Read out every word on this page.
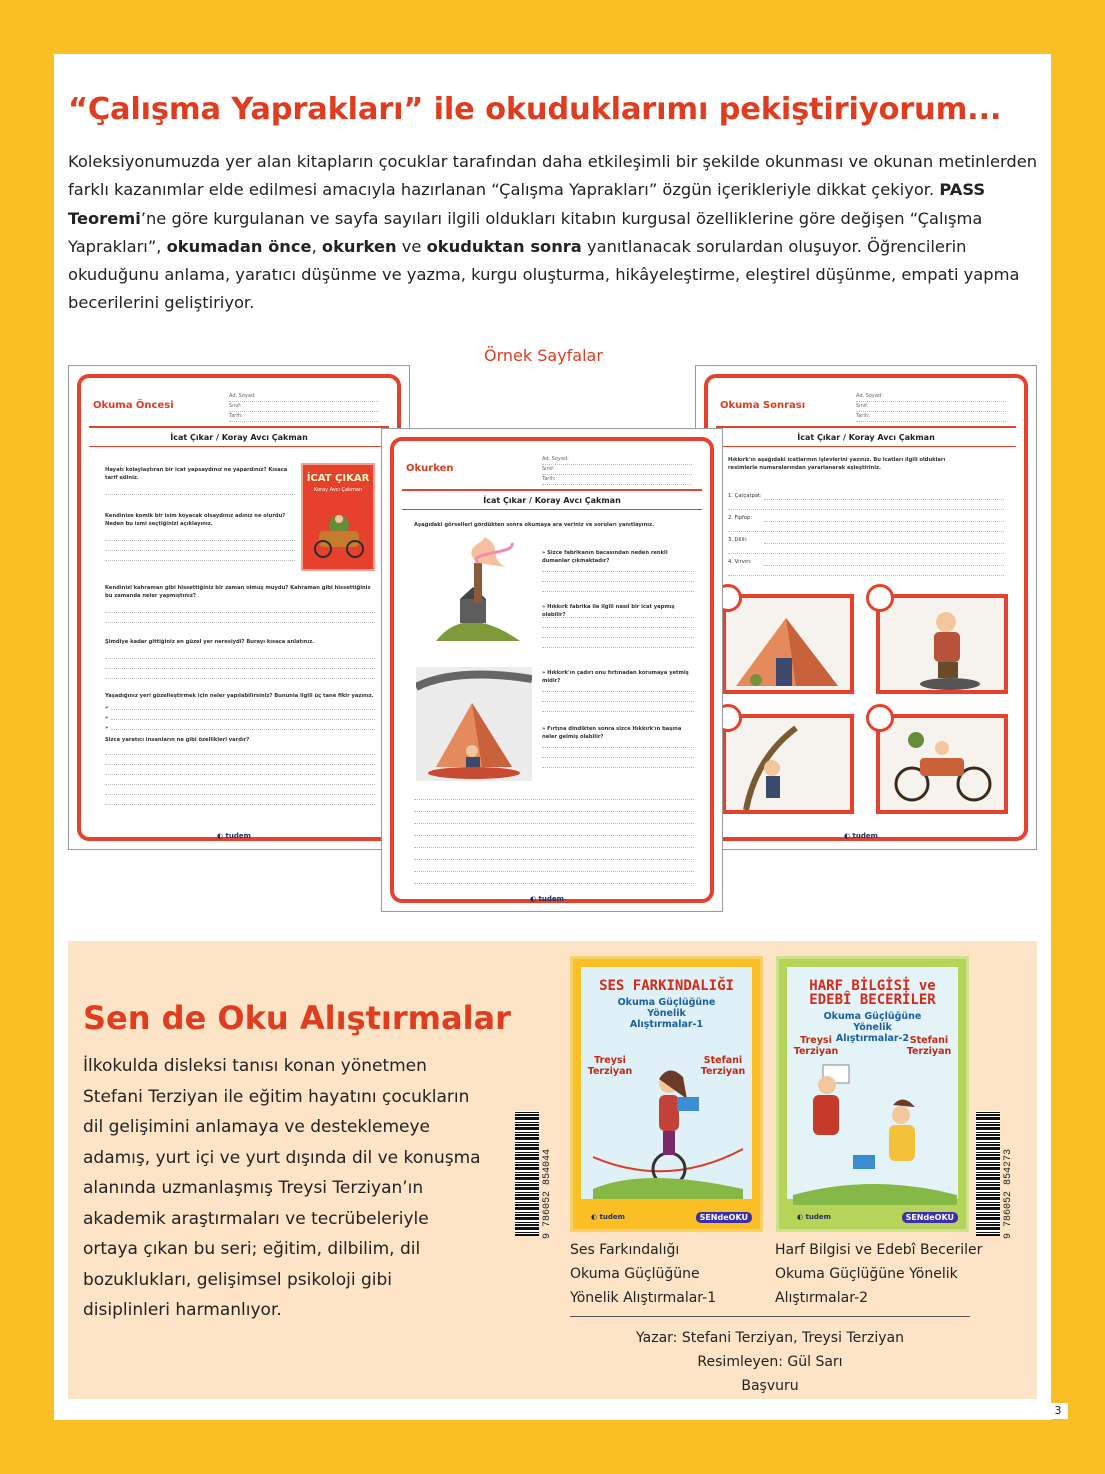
“Çalışma Yaprakları” ile okuduklarımı pekiştiriyorum...

Koleksiyonumuzda yer alan kitapların çocuklar tarafından daha etkileşimli bir şekilde okunması ve okunan metinlerden farklı kazanımlar elde edilmesi amacıyla hazırlanan “Çalışma Yaprakları” özgün içerikleriyle dikkat çekiyor. PASS Teoremi’ne göre kurgulanan ve sayfa sayıları ilgili oldukları kitabın kurgusal özelliklerine göre değişen “Çalışma Yaprakları”, okumadan önce, okurken ve okuduktan sonra yanıtlanacak sorulardan oluşuyor. Öğrencilerin okuduğunu anlama, yaratıcı düşünme ve yazma, kurgu oluşturma, hikâyeleştirme, eleştirel düşünme, empati yapma becerilerini geliştiriyor.

Örnek Sayfalar
Okuma Öncesi
Ad, Soyad:
Sınıf:
Tarih:
İcat Çıkar / Koray Avcı Çakman
Hayatı kolaylaştıran bir icat yapsaydınız ne yapardınız? Kısaca tarif ediniz.
Kendinize komik bir isim koyacak olsaydınız adınız ne olurdu? Neden bu ismi seçtiğinizi açıklayınız.
İCAT ÇIKAR
Koray Avcı Çakman
Kendinizi kahraman gibi hissettiğiniz bir zaman olmuş muydu? Kahraman gibi hissettiğiniz bu zamanda neler yapmıştınız?
Şimdiye kadar gittiğiniz en güzel yer neresiydi? Burayı kısaca anlatınız.
Yaşadığınız yeri güzelleştirmek için neler yapılabilirsiniz? Bununla ilgili üç tane fikir yazınız.
»
»
»
Sizce yaratıcı insanların ne gibi özellikleri vardır?
◐ tudem
Okuma Sonrası
Ad, Soyad:
Sınıf:
Tarih:
İcat Çıkar / Koray Avcı Çakman
Hıkkırk'ın aşağıdaki icatlarının işlevlerini yazınız. Bu icatları ilgili oldukları resimlerle numaralarından yararlanarak eşleştiriniz.
1. Çatçatpat:
2. Fipfop:
3. Dilili:
4. Vırvırı:
◐ tudem
Okurken
Ad, Soyad:
Sınıf:
Tarih:
İcat Çıkar / Koray Avcı Çakman
Aşağıdaki görselleri gördükten sonra okumaya ara veriniz ve soruları yanıtlayınız.
» Sizce fabrikanın bacasından neden renkli dumanlar çıkmaktadır?
» Hıkkırk fabrika ile ilgili nasıl bir icat yapmış olabilir?
» Hıkkırk'ın çadırı onu fırtınadan korumaya yetmiş midir?
» Fırtına dindikten sonra sizce Hıkkırk'ın başına neler gelmiş olabilir?
◐ tudem
Sen de Oku Alıştırmalar

İlkokulda disleksi tanısı konan yönetmen Stefani Terziyan ile eğitim hayatını çocukların dil gelişimini anlamaya ve desteklemeye adamış, yurt içi ve yurt dışında dil ve konuşma alanında uzmanlaşmış Treysi Terziyan’ın akademik araştırmaları ve tecrübeleriyle ortaya çıkan bu seri; eğitim, dilbilim, dil bozuklukları, gelişimsel psikoloji gibi disiplinleri harmanlıyor.

9 786052 854044
SES FARKINDALIĞI
Okuma Güçlüğüne Yönelik Alıştırmalar-1
Treysi Terziyan
Stefani Terziyan
◐ tudem	SENdeOKU
HARF BİLGİSİ ve EDEBÎ BECERİLER
Okuma Güçlüğüne Yönelik Alıştırmalar-2
Treysi Terziyan
Stefani Terziyan
◐ tudem	SENdeOKU	9 786052 854273
Ses Farkındalığı
Okuma Güçlüğüne
Yönelik Alıştırmalar-1
Harf Bilgisi ve Edebî Beceriler
Okuma Güçlüğüne Yönelik
Alıştırmalar-2
Yazar: Stefani Terziyan, Treysi Terziyan
Resimleyen: Gül Sarı
Başvuru
3
